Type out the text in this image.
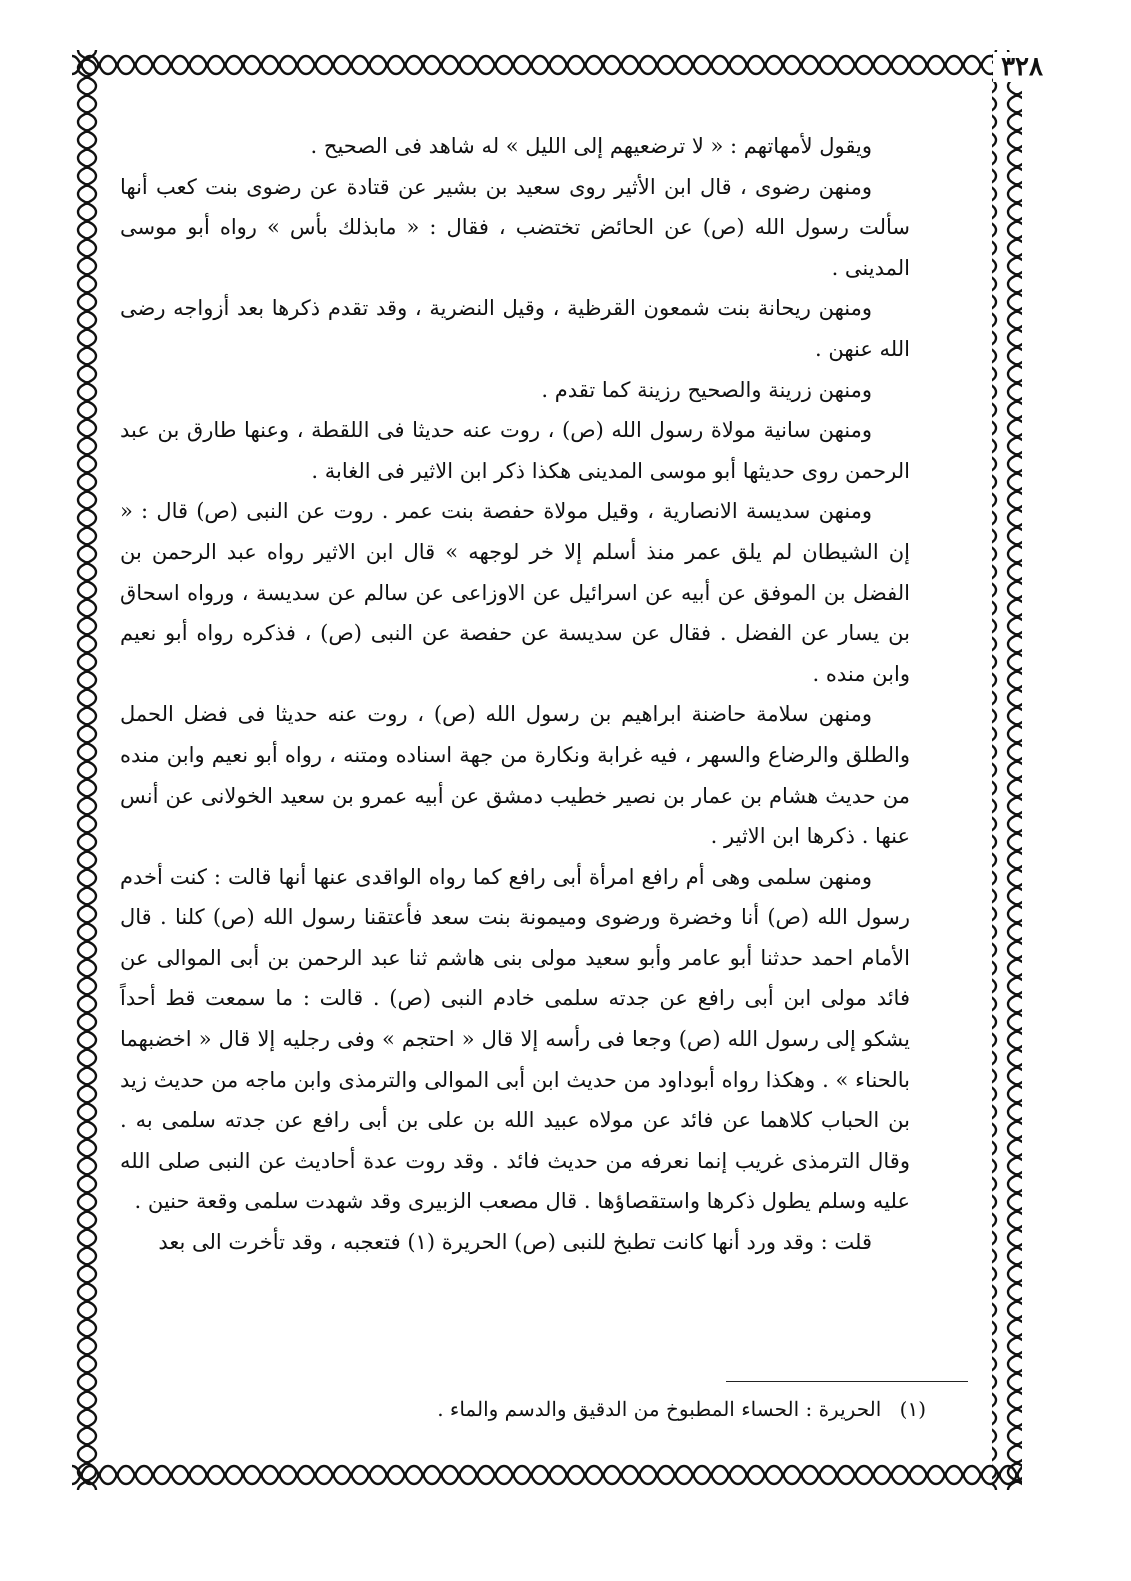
٣٢٨

ويقول لأمهاتهم : « لا ترضعيهم إلى الليل » له شاهد فى الصحيح .

ومنهن رضوى ، قال ابن الأثير روى سعيد بن بشير عن قتادة عن رضوى بنت كعب أنها سألت رسول الله (ص) عن الحائض تختضب ، فقال : « مابذلك بأس » رواه أبو موسى المدينى .

ومنهن ريحانة بنت شمعون القرظية ، وقيل النضرية ، وقد تقدم ذكرها بعد أزواجه رضى الله عنهن .

ومنهن زرينة والصحيح رزينة كما تقدم .

ومنهن سانية مولاة رسول الله (ص) ، روت عنه حديثا فى اللقطة ، وعنها طارق بن عبد الرحمن روى حديثها أبو موسى المدينى هكذا ذكر ابن الاثير فى الغابة .

ومنهن سديسة الانصارية ، وقيل مولاة حفصة بنت عمر . روت عن النبى (ص) قال : « إن الشيطان لم يلق عمر منذ أسلم إلا خر لوجهه » قال ابن الاثير رواه عبد الرحمن بن الفضل بن الموفق عن أبيه عن اسرائيل عن الاوزاعى عن سالم عن سديسة ، ورواه اسحاق بن يسار عن الفضل . فقال عن سديسة عن حفصة عن النبى (ص) ، فذكره رواه أبو نعيم وابن منده .

ومنهن سلامة حاضنة ابراهيم بن رسول الله (ص) ، روت عنه حديثا فى فضل الحمل والطلق والرضاع والسهر ، فيه غرابة ونكارة من جهة اسناده ومتنه ، رواه أبو نعيم وابن منده من حديث هشام بن عمار بن نصير خطيب دمشق عن أبيه عمرو بن سعيد الخولانى عن أنس عنها . ذكرها ابن الاثير .

ومنهن سلمى وهى أم رافع امرأة أبى رافع كما رواه الواقدى عنها أنها قالت : كنت أخدم رسول الله (ص) أنا وخضرة ورضوى وميمونة بنت سعد فأعتقنا رسول الله (ص) كلنا . قال الأمام احمد حدثنا أبو عامر وأبو سعيد مولى بنى هاشم ثنا عبد الرحمن بن أبى الموالى عن فائد مولى ابن أبى رافع عن جدته سلمى خادم النبى (ص) . قالت : ما سمعت قط أحداً يشكو إلى رسول الله (ص) وجعا فى رأسه إلا قال « احتجم » وفى رجليه إلا قال « اخضبهما بالحناء » . وهكذا رواه أبوداود من حديث ابن أبى الموالى والترمذى وابن ماجه من حديث زيد بن الحباب كلاهما عن فائد عن مولاه عبيد الله بن على بن أبى رافع عن جدته سلمى به . وقال الترمذى غريب إنما نعرفه من حديث فائد . وقد روت عدة أحاديث عن النبى صلى الله عليه وسلم يطول ذكرها واستقصاؤها . قال مصعب الزبيرى وقد شهدت سلمى وقعة حنين .

قلت : وقد ورد أنها كانت تطبخ للنبى (ص) الحريرة (١) فتعجبه ، وقد تأخرت الى بعد

(١) الحريرة : الحساء المطبوخ من الدقيق والدسم والماء .
